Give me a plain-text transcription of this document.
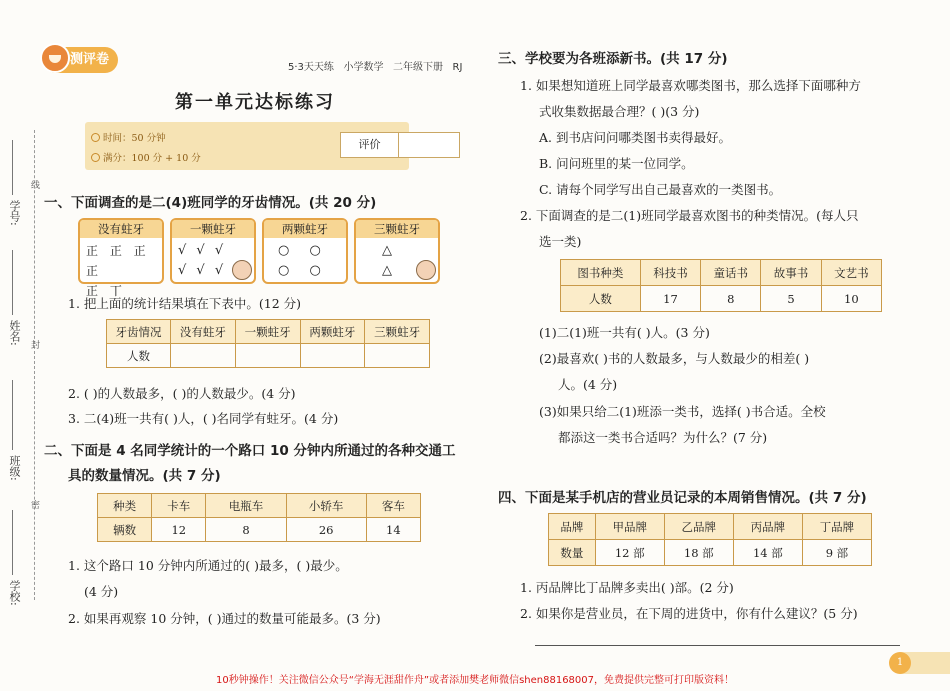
学号:
姓名:
班级:
学校:
线
封
密
测评卷
5·3天天练 小学数学 二年级下册 RJ
第一单元达标练习
时间：50 分钟
满分：100 分 + 10 分
评价
一、下面调查的是二(4)班同学的牙齿情况。(共 20 分)
没有蛀牙
正 正 正 正
正 丅
一颗蛀牙
√ √ √
√ √ √
两颗蛀牙
○ ○
○ ○
三颗蛀牙
△
△
1. 把上面的统计结果填在下表中。(12 分)
牙齿情况	没有蛀牙	一颗蛀牙	两颗蛀牙	三颗蛀牙
人数				
2. ( )的人数最多，( )的人数最少。(4 分)
3. 二(4)班一共有( )人，( )名同学有蛀牙。(4 分)
二、下面是 4 名同学统计的一个路口 10 分钟内所通过的各种交通工
具的数量情况。(共 7 分)
种类	卡车	电瓶车	小轿车	客车
辆数	12	8	26	14
1. 这个路口 10 分钟内所通过的( )最多，( )最少。
(4 分)
2. 如果再观察 10 分钟，( )通过的数量可能最多。(3 分)
三、学校要为各班添新书。(共 17 分)
1. 如果想知道班上同学最喜欢哪类图书，那么选择下面哪种方
式收集数据最合理？( )(3 分)
A. 到书店问问哪类图书卖得最好。
B. 问问班里的某一位同学。
C. 请每个同学写出自己最喜欢的一类图书。
2. 下面调查的是二(1)班同学最喜欢图书的种类情况。(每人只
选一类)
图书种类	科技书	童话书	故事书	文艺书
人数	17	8	5	10
(1)二(1)班一共有( )人。(3 分)
(2)最喜欢( )书的人数最多，与人数最少的相差( )
人。(4 分)
(3)如果只给二(1)班添一类书，选择( )书合适。全校
都添这一类书合适吗？为什么？(7 分)
四、下面是某手机店的营业员记录的本周销售情况。(共 7 分)
品牌	甲品牌	乙品牌	丙品牌	丁品牌
数量	12 部	18 部	14 部	9 部
1. 丙品牌比丁品牌多卖出( )部。(2 分)
2. 如果你是营业员，在下周的进货中，你有什么建议？(5 分)
1
10秒钟操作！关注微信公众号“学海无涯甜作舟”或者添加樊老师微信shen88168007，免费提供完整可打印版资料！
